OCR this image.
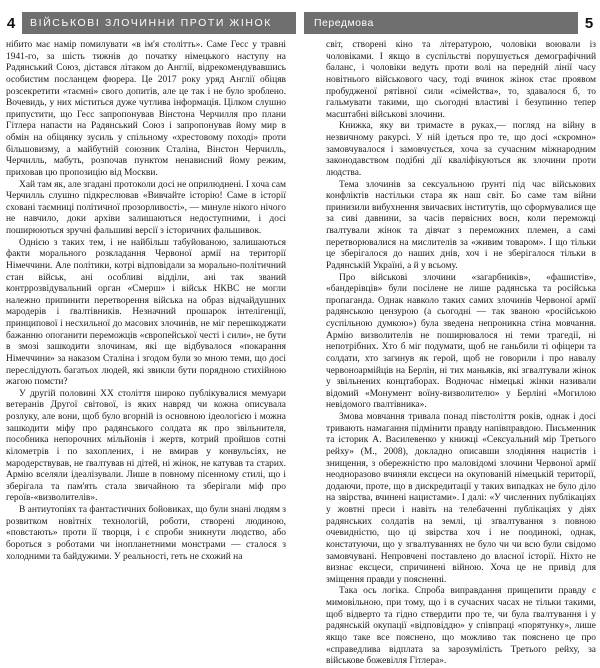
4	ВІЙСЬКОВІ ЗЛОЧИННИ ПРОТИ ЖІНОК

нібито має намір помилувати «в ім'я столітть». Саме Гесс у травні 1941-го, за шість тижнів до початку німецького наступу на Радянський Союз, дістався літаком до Англії, відрекомендувавшись особистим посланцем фюрера. Це 2017 року уряд Англії обіцяв розсекретити «таємні» свого допитів, але це так і не було зроблено. Вочевидь, у них міститься дуже чутлива інформація. Цілком слушно припустити, що Гесс запропонував Вінстона Черчилля про плани Гітлера напасти на Радянський Союз і запропонував йому мир в обмін на обіцянку зусиль у спільному «хрестовому поході» проти більшовизму, а майбутній союзник Сталіна, Вінстон Черчилль, Черчилль, мабуть, розпочав пунктом ненависний йому режим, приховав цю пропозицію від Москви.

Хай там як, але згадані протоколи досі не оприлюднені. І хоча сам Черчилль слушно підкреслював «Вивчайте історію! Саме в історії сховані таємниці політичної прозорливості», — минуле нікого нічого не навчило, доки архіви залишаються недоступними, і досі поширюються зручні фальшиві версії з історичних фальшивок.

Однією з таких тем, і не найбільш табуйованою, залишаються факти морального розкладання Червоної армії на території Німеччини. Але політики, котрі відповідали за морально-політичний стан військ, ані особливі відділи, ані так званий контррозвідувальний орган «Смерш» і військ НКВС не могли належно припинити перетворення війська на образ відчайдушних мародерів і ґвалтівників. Незначний прошарок інтелігенції, принципової і несхильної до масових злочинів, не міг перешкоджати бажанню опоганити переможців «європейської честі і сили», не бути в змозі зашкодити злочинам, які ще відбувалося «покарання Німеччини» за наказом Сталіна і згодом були зо мною теми, що досі переслідують багатьох людей, які звикли бути порядною стихійною жагою помсти?

У другій половині XX століття широко публікувалися мемуари ветеранів Другої світової, із яких навряд чи кожна описувала розлуку, але вони, щоб було вгорній із основною ідеологією і можна зашкодити міфу про радянського солдата як про звільнителя, пособника непорочних мільйонів і жертв, котрий пройшов сотні кілометрів і по захоплених, і не вмирав у конвульсіях, не мародерствував, не ґвалтував ні дітей, ні жінок, не катував та старих. Армію вселяли ідеалізували. Лише в повному пісенному стилі, що і зберігала та пам'ять стала звичайною та зберігали міф про героїв-«визволителів».

В антиутопіях та фантастичних бойовиках, що були знані людям з розвитком новітніх технологій, роботи, створені людиною, «повстають» проти її творця, і є спроби зникнути людство, або бороться з роботами чи інопланетними монстрами — сталося з холодними та байдужими. У реальності, геть не схожий на

Передмова	5

світ, створені кіно та літературою, чоловіки воювали із чоловіками. І якщо в суспільстві порушується демографічний баланс, і чоловіки ведуть проти волі на передній лінії часу новітнього військового часу, тоді вчинок жінок стає проявом пробудженої рятівної сили «сімейства», то, здавалося б, то гальмувати такими, що сьогодні властиві і безупинно тепер масштабні військові злочини.

Книжка, яку ви тримаєте в руках,— погляд на війну в незвичному ракурсі. У ній ідеться про те, що досі «скромно» замовчувалося і замовчується, хоча за сучасним міжнародним законодавством подібні дії кваліфікуються як злочини проти людства.

Тема злочинів за сексуальною ґрунті під час військових конфліктів настільки стара як наш світ. Бо саме там війни принизили вибухнення звичаєвих інститутів, що сформувалися ще за сиві давнини, за часів первісних воєн, коли переможці ґвалтували жінок та дівчат з переможних племен, а самі перетворювалися на мислителів за «живим товаром». І що тільки це зберігалося до наших днів, хоч і не зберігалося тільки в Радянській Україні, а й у всьому.

Про військові злочини «загарбників», «фашистів», «бандерівців» були посілене не лише радянська та російська пропаганда. Однак навколо таких самих злочинів Червоної армії радянською цензурою (а сьогодні — так званою «російською суспільною думкою») була зведена непроникна стіна мовчання. Армію визволителів не поширювалося ні теми трагедії, ні непотрібних. Хто б міг подумати, щоб не ганьбили ті офіцери та солдати, хто загинув як герой, щоб не говорили і про навалу червоноармійців на Берлін, ні тих маньяків, які згвалтували жінок у звільнених концтаборах. Водночас німецькі жінки називали відомий «Монумент воїну-визволителю» у Берліні «Могилою невідомого ґвалтівника».

Змова мовчання тривала понад півстоліття років, однак і досі тривають намагання підмінити правду напівправдою. Письменник та історик А. Василевенко у книжці «Сексуальний мір Третього рейху» (М., 2008), докладно описавши злодіяння нацистів і знищення, з обережністю про маловідомі злочини Червоної армії неодноразово вчиняли ексцеси на окупованій німецькій території, додаючи, проте, що в дискредитації у таких випадках не було діло на звірства, вчинені нацистами». І далі: «У численних публікаціях у жовтні преси і навіть на телебаченні публікаціях у діях радянських солдатів на землі, ці зґвалтування з повною очевидністю, що ці звірства хоч і не поодинокі, однак, констатуючи, що у згвалтуваннях не було чи чи всю були свідомо замовчувані. Непровчені поставлено до власної історії. Ніхто не визнає ексцеси, спричинені війною. Хоча це не привід для зміщення правди у поясненні.

Така ось логіка. Спроба виправдання прищепити правду є мимовільною, при тому, що і в сучасних часах не тільки такими, щоб відверто та гідно ствердити про те, чи була ґвалтування і у радянській окупації «відповіддю» у співпраці «порятунку», лише якщо таке все пояснено, що можливо так пояснено це про «справедлива відплата за зарозумілість Третього рейху, за військове божевілля Гітлера».
